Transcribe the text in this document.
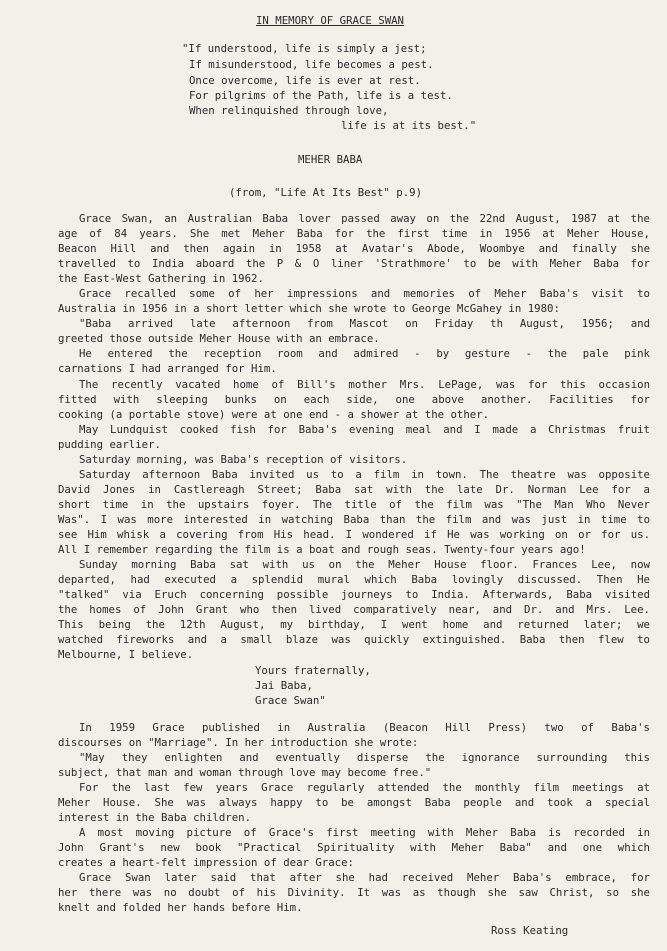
IN MEMORY OF GRACE SWAN
"If understood, life is simply a jest;
If misunderstood, life becomes a pest.
Once overcome, life is ever at rest.
For pilgrims of the Path, life is a test.
When relinquished through love,
life is at its best."
MEHER BABA
(from, "Life At Its Best" p.9)
Grace Swan, an Australian Baba lover passed away on the 22nd August, 1987 at the
age of 84 years. She met Meher Baba for the first time in 1956 at Meher House,
Beacon Hill and then again in 1958 at Avatar's Abode, Woombye and finally she
travelled to India aboard the P & O liner 'Strathmore' to be with Meher Baba for
the East-West Gathering in 1962.
Grace recalled some of her impressions and memories of Meher Baba's visit to
Australia in 1956 in a short letter which she wrote to George McGahey in 1980:
"Baba arrived late afternoon from Mascot on Friday th August, 1956; and
greeted those outside Meher House with an embrace.
He entered the reception room and admired - by gesture - the pale pink
carnations I had arranged for Him.
The recently vacated home of Bill's mother Mrs. LePage, was for this occasion
fitted with sleeping bunks on each side, one above another. Facilities for
cooking (a portable stove) were at one end - a shower at the other.
May Lundquist cooked fish for Baba's evening meal and I made a Christmas fruit
pudding earlier.
Saturday morning, was Baba's reception of visitors.
Saturday afternoon Baba invited us to a film in town. The theatre was opposite
David Jones in Castlereagh Street; Baba sat with the late Dr. Norman Lee for a
short time in the upstairs foyer. The title of the film was "The Man Who Never
Was". I was more interested in watching Baba than the film and was just in time to
see Him whisk a covering from His head. I wondered if He was working on or for us.
All I remember regarding the film is a boat and rough seas. Twenty-four years ago!
Sunday morning Baba sat with us on the Meher House floor. Frances Lee, now
departed, had executed a splendid mural which Baba lovingly discussed. Then He
"talked" via Eruch concerning possible journeys to India. Afterwards, Baba visited
the homes of John Grant who then lived comparatively near, and Dr. and Mrs. Lee.
This being the 12th August, my birthday, I went home and returned later; we
watched fireworks and a small blaze was quickly extinguished. Baba then flew to
Melbourne, I believe.
Yours fraternally,
Jai Baba,
Grace Swan"
In 1959 Grace published in Australia (Beacon Hill Press) two of Baba's
discourses on "Marriage". In her introduction she wrote:
"May they enlighten and eventually disperse the ignorance surrounding this
subject, that man and woman through love may become free."
For the last few years Grace regularly attended the monthly film meetings at
Meher House. She was always happy to be amongst Baba people and took a special
interest in the Baba children.
A most moving picture of Grace's first meeting with Meher Baba is recorded in
John Grant's new book "Practical Spirituality with Meher Baba" and one which
creates a heart-felt impression of dear Grace:
Grace Swan later said that after she had received Meher Baba's embrace, for
her there was no doubt of his Divinity. It was as though she saw Christ, so she
knelt and folded her hands before Him.
Ross Keating
